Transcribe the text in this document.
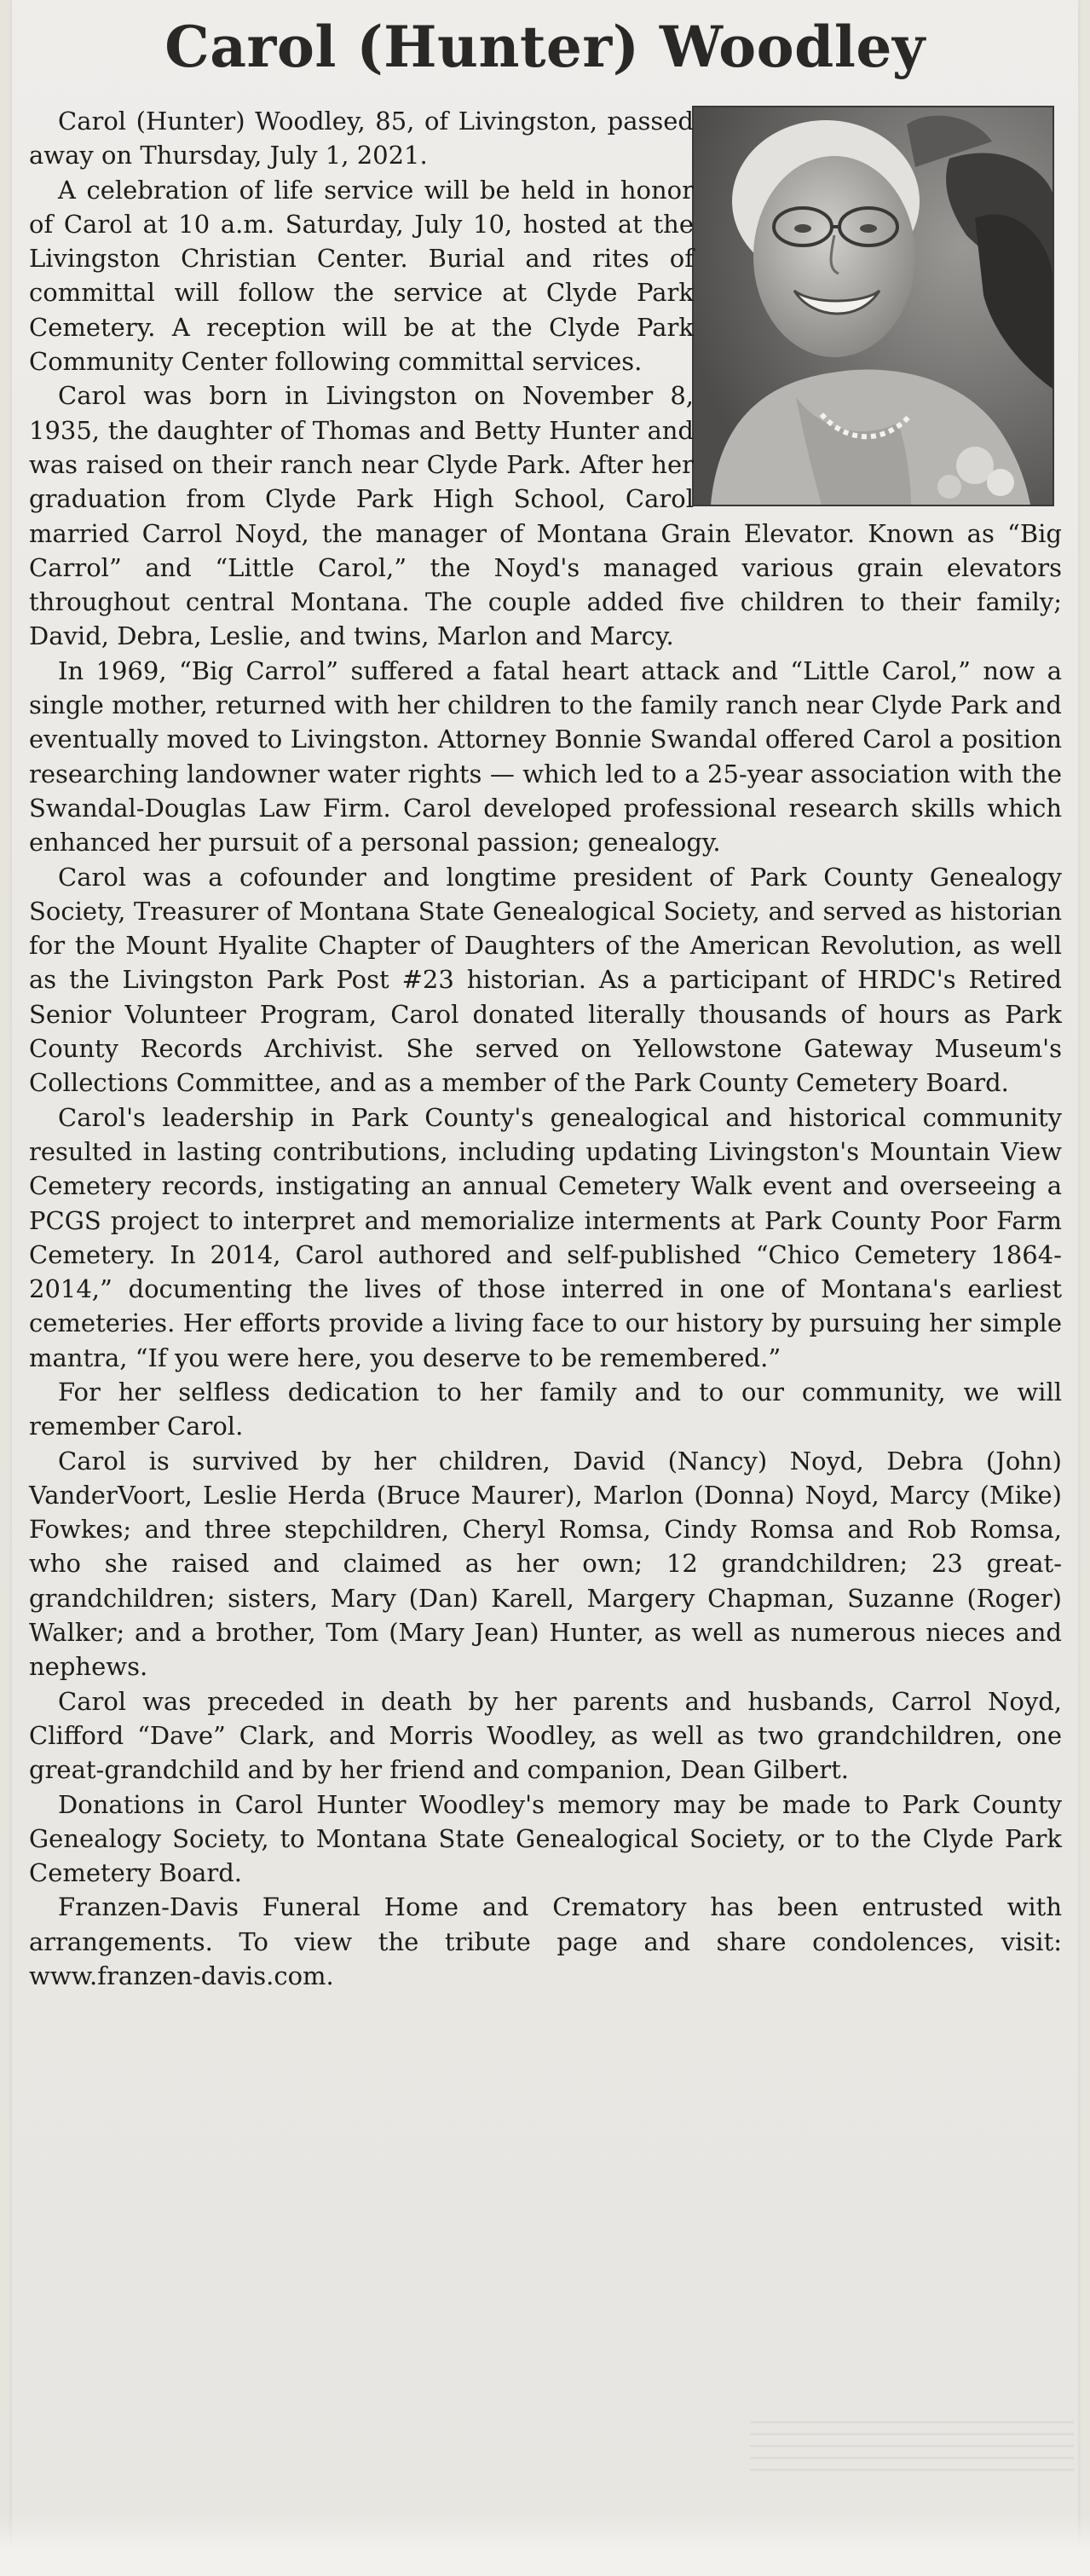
Carol (Hunter) Woodley

Carol (Hunter) Woodley, 85, of Livingston, passed away on Thursday, July 1, 2021.

A celebration of life service will be held in honor of Carol at 10 a.m. Saturday, July 10, hosted at the Livingston Christian Center. Burial and rites of committal will follow the service at Clyde Park Cemetery. A reception will be at the Clyde Park Community Center following committal services.

Carol was born in Livingston on November 8, 1935, the daughter of Thomas and Betty Hunter and was raised on their ranch near Clyde Park. After her graduation from Clyde Park High School, Carol married Carrol Noyd, the manager of Montana Grain Elevator. Known as “Big Carrol” and “Little Carol,” the Noyd's managed various grain elevators throughout central Montana. The couple added five children to their family; David, Debra, Leslie, and twins, Marlon and Marcy.

In 1969, “Big Carrol” suffered a fatal heart attack and “Little Carol,” now a single mother, returned with her children to the family ranch near Clyde Park and eventually moved to Livingston. Attorney Bonnie Swandal offered Carol a position researching landowner water rights — which led to a 25-year association with the Swandal-Douglas Law Firm. Carol developed professional research skills which enhanced her pursuit of a personal passion; genealogy.

Carol was a cofounder and longtime president of Park County Genealogy Society, Treasurer of Montana State Genealogical Society, and served as historian for the Mount Hyalite Chapter of Daughters of the American Revolution, as well as the Livingston Park Post #23 historian. As a participant of HRDC's Retired Senior Volunteer Program, Carol donated literally thousands of hours as Park County Records Archivist. She served on Yellowstone Gateway Museum's Collections Committee, and as a member of the Park County Cemetery Board.

Carol's leadership in Park County's genealogical and historical community resulted in lasting contributions, including updating Livingston's Mountain View Cemetery records, instigating an annual Cemetery Walk event and overseeing a PCGS project to interpret and memorialize interments at Park County Poor Farm Cemetery. In 2014, Carol authored and self-published “Chico Cemetery 1864-2014,” documenting the lives of those interred in one of Montana's earliest cemeteries. Her efforts provide a living face to our history by pursuing her simple mantra, “If you were here, you deserve to be remembered.”

For her selfless dedication to her family and to our community, we will remember Carol.

Carol is survived by her children, David (Nancy) Noyd, Debra (John) VanderVoort, Leslie Herda (Bruce Maurer), Marlon (Donna) Noyd, Marcy (Mike) Fowkes; and three stepchildren, Cheryl Romsa, Cindy Romsa and Rob Romsa, who she raised and claimed as her own; 12 grandchildren; 23 great-grandchildren; sisters, Mary (Dan) Karell, Margery Chapman, Suzanne (Roger) Walker; and a brother, Tom (Mary Jean) Hunter, as well as numerous nieces and nephews.

Carol was preceded in death by her parents and husbands, Carrol Noyd, Clifford “Dave” Clark, and Morris Woodley, as well as two grandchildren, one great-grandchild and by her friend and companion, Dean Gilbert.

Donations in Carol Hunter Woodley's memory may be made to Park County Genealogy Society, to Montana State Genealogical Society, or to the Clyde Park Cemetery Board.

Franzen-Davis Funeral Home and Crematory has been entrusted with arrangements. To view the tribute page and share condolences, visit: www.franzen-davis.com.
